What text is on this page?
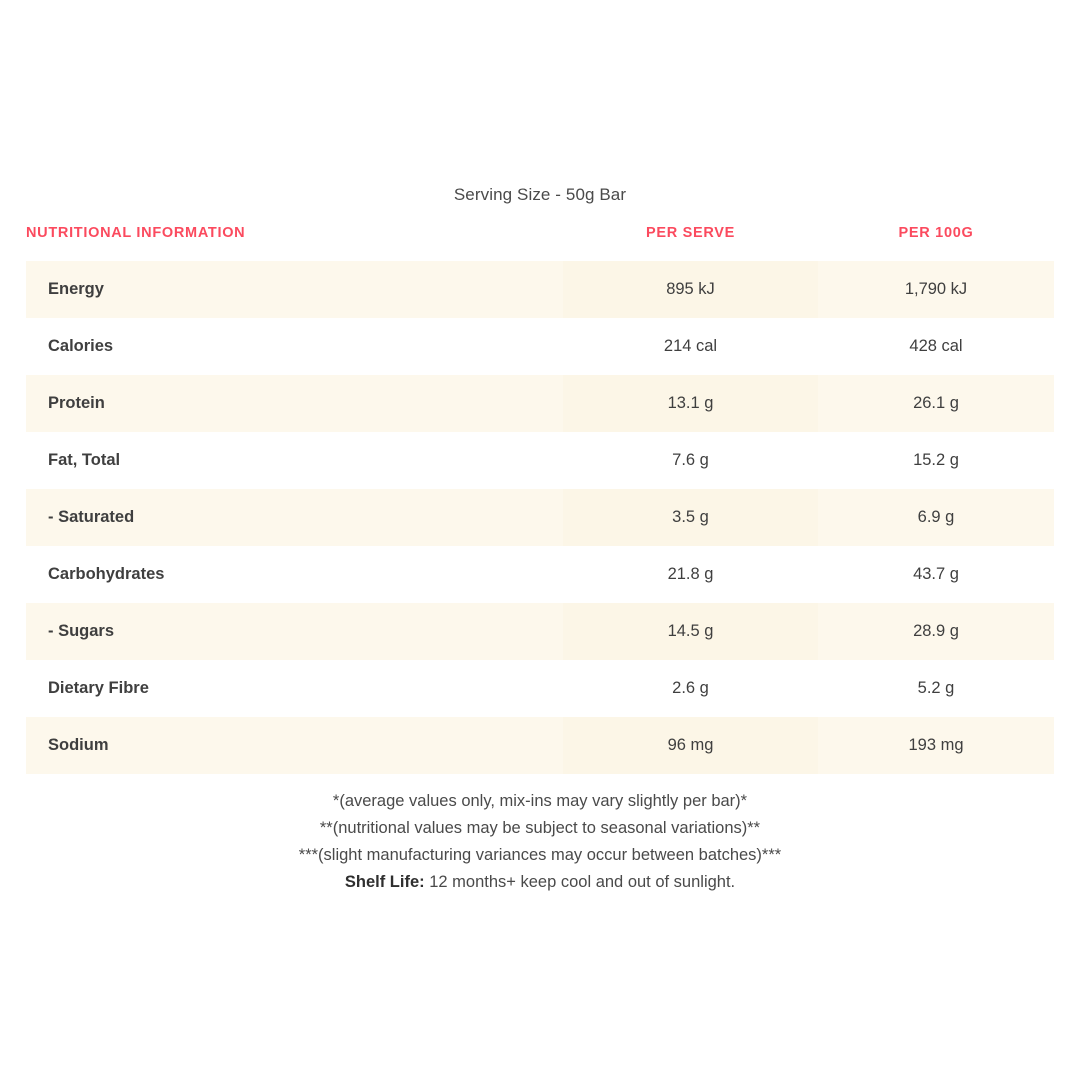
Serving Size - 50g Bar
NUTRITIONAL INFORMATION	PER SERVE	PER 100G
Energy	895 kJ	1,790 kJ
Calories	214 cal	428 cal
Protein	13.1 g	26.1 g
Fat, Total	7.6 g	15.2 g
- Saturated	3.5 g	6.9 g
Carbohydrates	21.8 g	43.7 g
- Sugars	14.5 g	28.9 g
Dietary Fibre	2.6 g	5.2 g
Sodium	96 mg	193 mg
*(average values only, mix-ins may vary slightly per bar)*
**(nutritional values may be subject to seasonal variations)**
***(slight manufacturing variances may occur between batches)***
Shelf Life: 12 months+ keep cool and out of sunlight.
